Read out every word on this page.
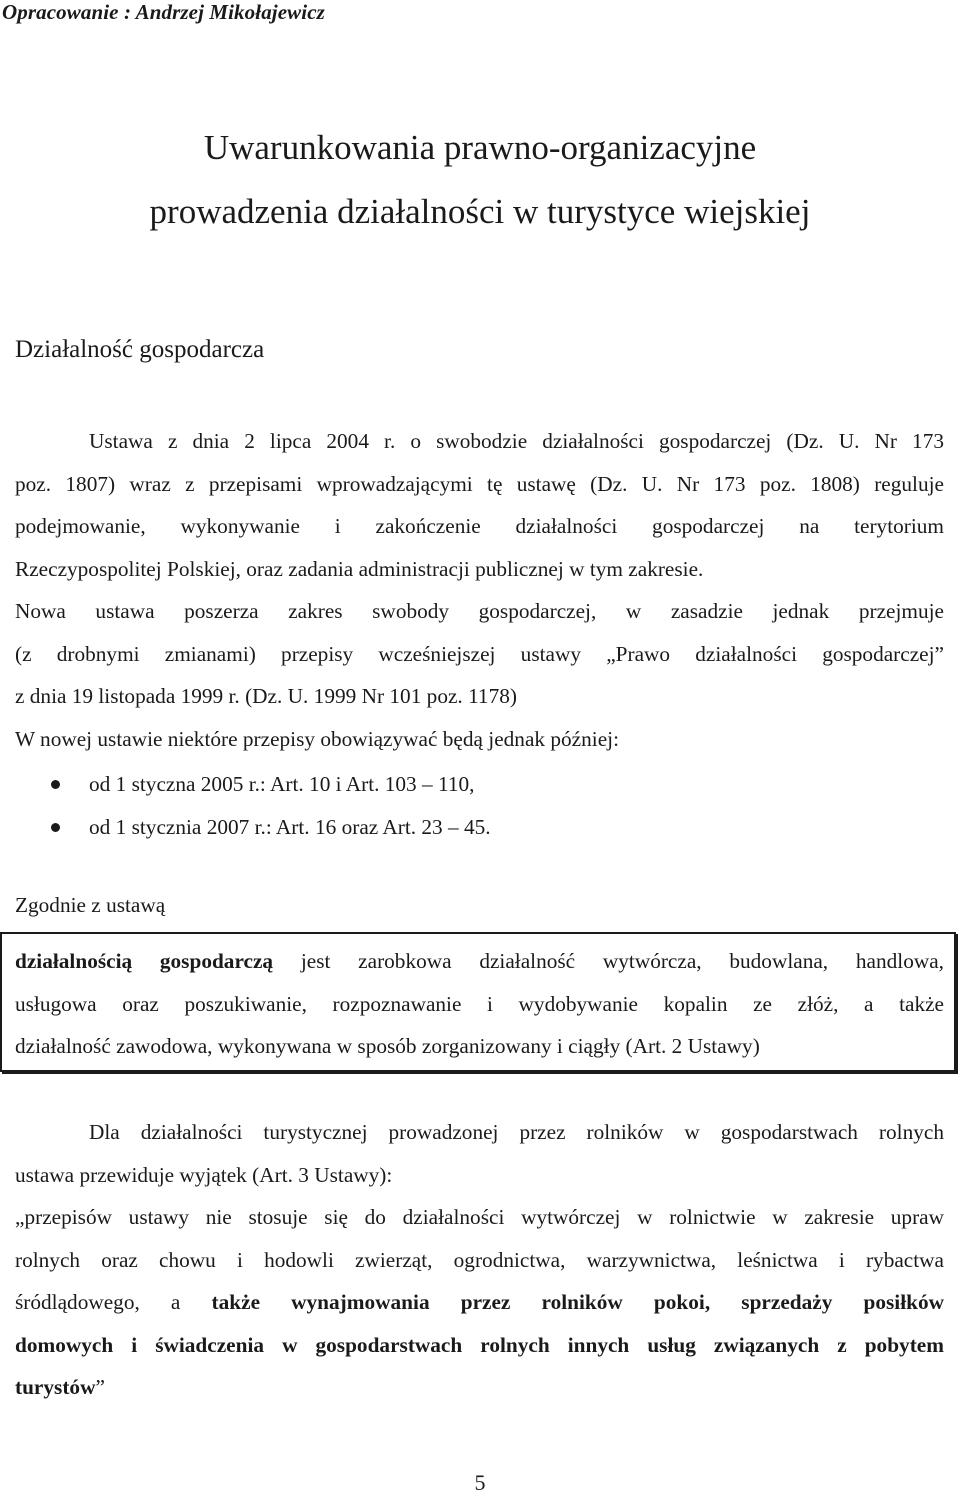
Opracowanie : Andrzej Mikołajewicz
Uwarunkowania prawno-organizacyjne
prowadzenia działalności w turystyce wiejskiej
Działalność gospodarcza
Ustawa z dnia 2 lipca 2004 r. o swobodzie działalności gospodarczej (Dz. U. Nr 173
poz. 1807) wraz z przepisami wprowadzającymi tę ustawę (Dz. U. Nr 173 poz. 1808) reguluje
podejmowanie, wykonywanie i zakończenie działalności gospodarczej na terytorium
Rzeczypospolitej Polskiej, oraz zadania administracji publicznej w tym zakresie.
Nowa ustawa poszerza zakres swobody gospodarczej, w zasadzie jednak przejmuje
(z drobnymi zmianami) przepisy wcześniejszej ustawy „Prawo działalności gospodarczej”
z dnia 19 listopada 1999 r. (Dz. U. 1999 Nr 101 poz. 1178)
W nowej ustawie niektóre przepisy obowiązywać będą jednak później:
od 1 styczna 2005 r.: Art. 10 i Art. 103 – 110,
od 1 stycznia 2007 r.: Art. 16 oraz Art. 23 – 45.
Zgodnie z ustawą
działalnością gospodarczą jest zarobkowa działalność wytwórcza, budowlana, handlowa,
usługowa oraz poszukiwanie, rozpoznawanie i wydobywanie kopalin ze złóż, a także
działalność zawodowa, wykonywana w sposób zorganizowany i ciągły (Art. 2 Ustawy)
Dla działalności turystycznej prowadzonej przez rolników w gospodarstwach rolnych
ustawa przewiduje wyjątek (Art. 3 Ustawy):
„przepisów ustawy nie stosuje się do działalności wytwórczej w rolnictwie w zakresie upraw
rolnych oraz chowu i hodowli zwierząt, ogrodnictwa, warzywnictwa, leśnictwa i rybactwa
śródlądowego, a także wynajmowania przez rolników pokoi, sprzedaży posiłków
domowych i świadczenia w gospodarstwach rolnych innych usług związanych z pobytem
turystów”
5
